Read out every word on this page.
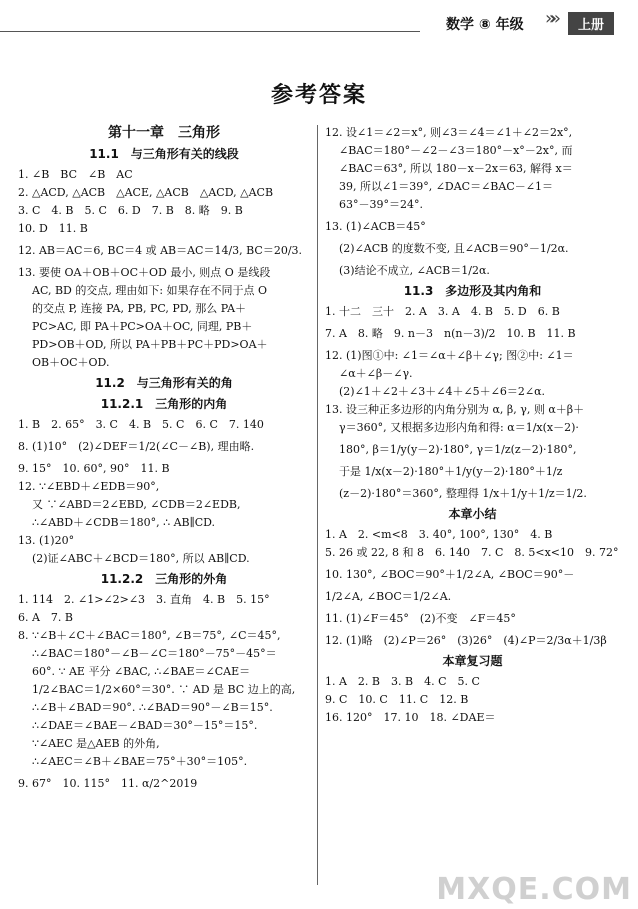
数学 ⑧ 年级 »»	上册
参考答案
第十一章　三角形
11.1　与三角形有关的线段
1. ∠B　BC　∠B　AC
2. △ACD, △ACB　△ACE, △ACB　△ACD, △ACB
3. C　4. B　5. C　6. D　7. B　8. 略　9. B
10. D　11. B
12. AB＝AC＝6, BC＝4 或 AB＝AC＝14/3, BC＝20/3.
13. 要使 OA＋OB＋OC＋OD 最小, 则点 O 是线段
AC, BD 的交点, 理由如下: 如果存在不同于点 O
的交点 P, 连接 PA, PB, PC, PD, 那么 PA＋
PC>AC, 即 PA＋PC>OA＋OC, 同理, PB＋
PD>OB＋OD, 所以 PA＋PB＋PC＋PD>OA＋
OB＋OC＋OD.
11.2　与三角形有关的角
11.2.1　三角形的内角
1. B　2. 65°　3. C　4. B　5. C　6. C　7. 140
8. (1)10°　(2)∠DEF＝1/2(∠C－∠B), 理由略.
9. 15°　10. 60°, 90°　11. B
12. ∵∠EBD＋∠EDB＝90°,
又 ∵∠ABD＝2∠EBD, ∠CDB＝2∠EDB,
∴∠ABD＋∠CDB＝180°, ∴ AB∥CD.
13. (1)20°
(2)证∠ABC＋∠BCD＝180°, 所以 AB∥CD.
11.2.2　三角形的外角
1. 114　2. ∠1>∠2>∠3　3. 直角　4. B　5. 15°
6. A　7. B
8. ∵∠B＋∠C＋∠BAC＝180°, ∠B＝75°, ∠C＝45°,
∴∠BAC＝180°－∠B－∠C＝180°－75°－45°＝
60°. ∵ AE 平分 ∠BAC, ∴∠BAE＝∠CAE＝
1/2∠BAC＝1/2×60°＝30°. ∵ AD 是 BC 边上的高,
∴∠B＋∠BAD＝90°. ∴∠BAD＝90°－∠B＝15°.
∴∠DAE＝∠BAE－∠BAD＝30°－15°＝15°.
∵∠AEC 是△AEB 的外角,
∴∠AEC＝∠B＋∠BAE＝75°＋30°＝105°.
9. 67°　10. 115°　11. α/2^2019
12. 设∠1＝∠2＝x°, 则∠3＝∠4＝∠1＋∠2＝2x°,
∠BAC＝180°－∠2－∠3＝180°－x°－2x°, 而
∠BAC＝63°, 所以 180－x－2x＝63, 解得 x＝
39, 所以∠1＝39°, ∠DAC＝∠BAC－∠1＝
63°－39°＝24°.
13. (1)∠ACB＝45°
(2)∠ACB 的度数不变, 且∠ACB＝90°－1/2α.
(3)结论不成立, ∠ACB＝1/2α.
11.3　多边形及其内角和
1. 十二　三十　2. A　3. A　4. B　5. D　6. B
7. A　8. 略　9. n－3　n(n－3)/2　10. B　11. B
12. (1)图①中: ∠1＝∠α＋∠β＋∠γ; 图②中: ∠1＝
∠α＋∠β－∠γ.
(2)∠1＋∠2＋∠3＋∠4＋∠5＋∠6＝2∠α.
13. 设三种正多边形的内角分别为 α, β, γ, 则 α＋β＋
γ＝360°, 又根据多边形内角和得: α＝1/x(x－2)·
180°, β＝1/y(y－2)·180°, γ＝1/z(z－2)·180°,
于是 1/x(x－2)·180°＋1/y(y－2)·180°＋1/z
(z－2)·180°＝360°, 整理得 1/x＋1/y＋1/z＝1/2.
本章小结
1. A　2. <m<8　3. 40°, 100°, 130°　4. B
5. 26 或 22, 8 和 8　6. 140　7. C　8. 5<x<10　9. 72°
10. 130°, ∠BOC＝90°＋1/2∠A, ∠BOC＝90°－
1/2∠A, ∠BOC＝1/2∠A.
11. (1)∠F＝45°　(2)不变　∠F＝45°
12. (1)略　(2)∠P＝26°　(3)26°　(4)∠P＝2/3α＋1/3β
本章复习题
1. A　2. B　3. B　4. C　5. C
9. C　10. C　11. C　12. B
16. 120°　17. 10　18. ∠DAE＝
MXQE.COM
